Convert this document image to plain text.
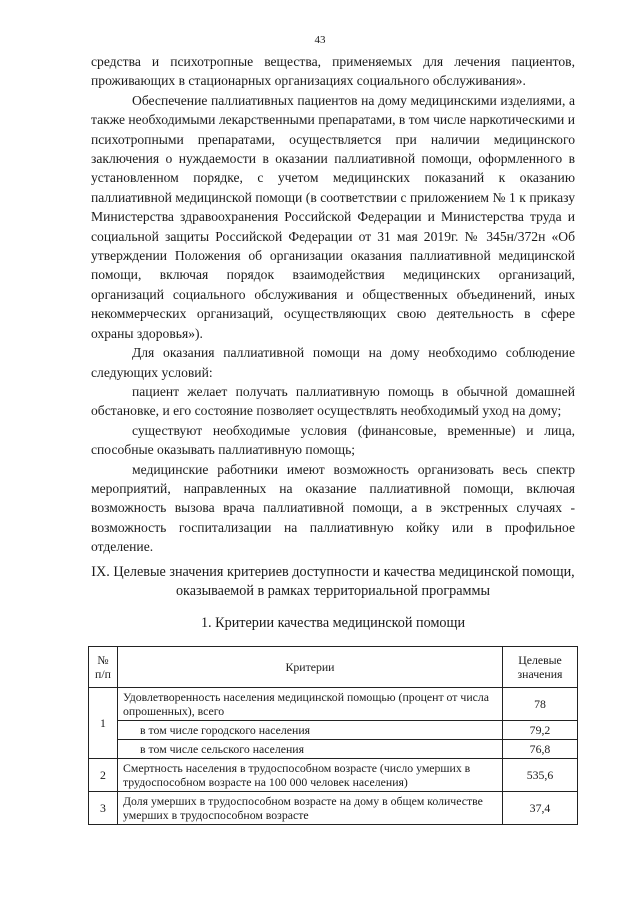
43

средства и психотропные вещества, применяемых для лечения пациентов, проживающих в стационарных организациях социального обслуживания».

Обеспечение паллиативных пациентов на дому медицинскими изделиями, а также необходимыми лекарственными препаратами, в том числе наркотическими и психотропными препаратами, осуществляется при наличии медицинского заключения о нуждаемости в оказании паллиативной помощи, оформленного в установленном порядке, с учетом медицинских показаний к оказанию паллиативной медицинской помощи (в соответствии с приложением № 1 к приказу Министерства здравоохранения Российской Федерации и Министерства труда и социальной защиты Российской Федерации от 31 мая 2019г. № 345н/372н «Об утверждении Положения об организации оказания паллиативной медицинской помощи, включая порядок взаимодействия медицинских организаций, организаций социального обслуживания и общественных объединений, иных некоммерческих организаций, осуществляющих свою деятельность в сфере охраны здоровья»).

Для оказания паллиативной помощи на дому необходимо соблюдение следующих условий:

пациент желает получать паллиативную помощь в обычной домашней обстановке, и его состояние позволяет осуществлять необходимый уход на дому;

существуют необходимые условия (финансовые, временные) и лица, способные оказывать паллиативную помощь;

медицинские работники имеют возможность организовать весь спектр мероприятий, направленных на оказание паллиативной помощи, включая возможность вызова врача паллиативной помощи, а в экстренных случаях - возможность госпитализации на паллиативную койку или в профильное отделение.

IX. Целевые значения критериев доступности и качества медицинской помощи, оказываемой в рамках территориальной программы
1. Критерии качества медицинской помощи
№ п/п	Критерии	Целевые значения
1	Удовлетворенность населения медицинской помощью (процент от числа опрошенных), всего	78
	в том числе городского населения	79,2
	в том числе сельского населения	76,8
2	Смертность населения в трудоспособном возрасте (число умерших в трудоспособном возрасте на 100 000 человек населения)	535,6
3	Доля умерших в трудоспособном возрасте на дому в общем количестве умерших в трудоспособном возрасте	37,4
